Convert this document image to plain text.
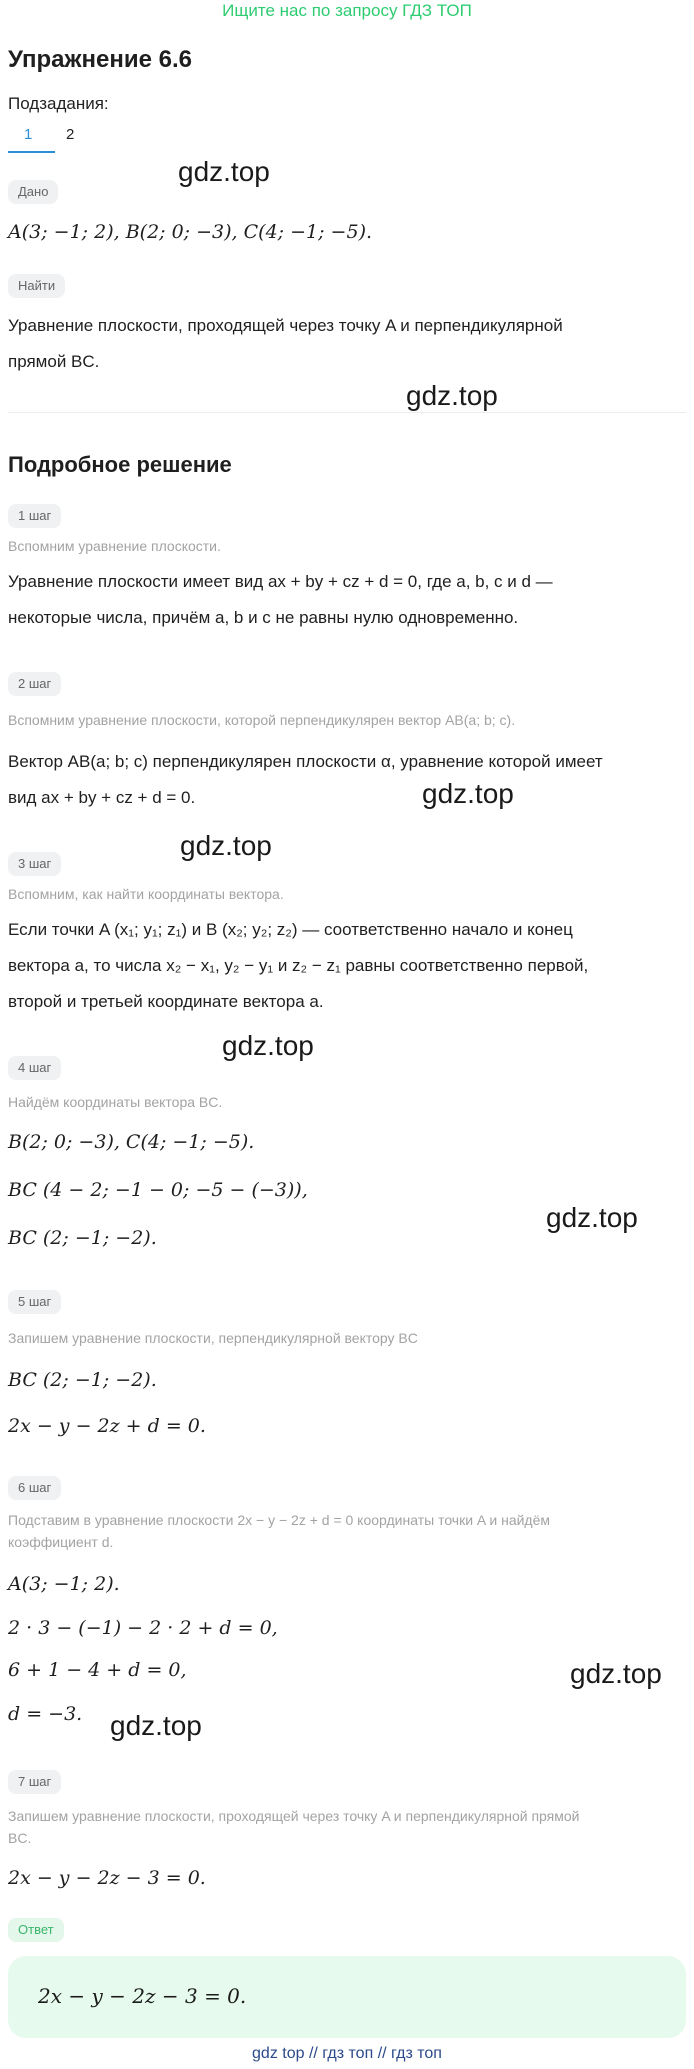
Ищите нас по запросу ГДЗ ТОП
Упражнение 6.6
Подзадания:
1 2
Дано
A(3; −1; 2), B(2; 0; −3), C(4; −1; −5).
Найти
Уравнение плоскости, проходящей через точку A и перпендикулярной
прямой BC.
Подробное решение
1 шаг
Вспомним уравнение плоскости.
Уравнение плоскости имеет вид ax + by + cz + d = 0, где a, b, c и d —
некоторые числа, причём a, b и c не равны нулю одновременно.
2 шаг
Вспомним уравнение плоскости, которой перпендикулярен вектор AB(a; b; c).
Вектор AB(a; b; c) перпендикулярен плоскости α, уравнение которой имеет
вид ax + by + cz + d = 0.
3 шаг
Вспомним, как найти координаты вектора.
Если точки A (x₁; y₁; z₁) и B (x₂; y₂; z₂) — соответственно начало и конец
вектора a, то числа x₂ − x₁, y₂ − y₁ и z₂ − z₁ равны соответственно первой,
второй и третьей координате вектора a.
4 шаг
Найдём координаты вектора BC.
B(2; 0; −3), C(4; −1; −5).
BC (4 − 2; −1 − 0; −5 − (−3)),
BC (2; −1; −2).
5 шаг
Запишем уравнение плоскости, перпендикулярной вектору BC
BC (2; −1; −2).
2x − y − 2z + d = 0.
6 шаг
Подставим в уравнение плоскости 2x − y − 2z + d = 0 координаты точки A и найдём
коэффициент d.
A(3; −1; 2).
2 · 3 − (−1) − 2 · 2 + d = 0,
6 + 1 − 4 + d = 0,
d = −3.
7 шаг
Запишем уравнение плоскости, проходящей через точку A и перпендикулярной прямой
BC.
2x − y − 2z − 3 = 0.
Ответ
2x − y − 2z − 3 = 0.
gdz top // гдз топ // гдз топ
gdz.top
gdz.top
gdz.top
gdz.top
gdz.top
gdz.top
gdz.top
gdz.top
